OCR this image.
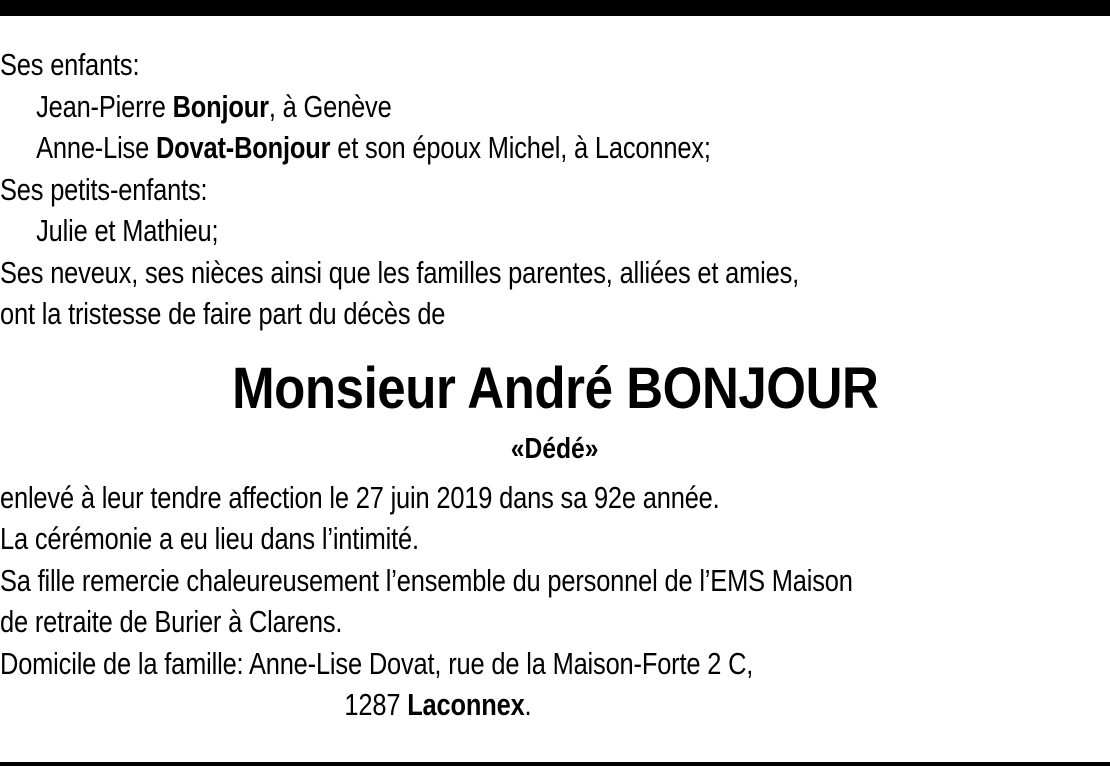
Ses enfants:
Jean-Pierre Bonjour, à Genève
Anne-Lise Dovat-Bonjour et son époux Michel, à Laconnex;
Ses petits-enfants:
Julie et Mathieu;
Ses neveux, ses nièces ainsi que les familles parentes, alliées et amies,
ont la tristesse de faire part du décès de
Monsieur André BONJOUR
«Dédé»
enlevé à leur tendre affection le 27 juin 2019 dans sa 92e année.
La cérémonie a eu lieu dans l’intimité.
Sa fille remercie chaleureusement l’ensemble du personnel de l’EMS Maison
de retraite de Burier à Clarens.
Domicile de la famille: Anne-Lise Dovat, rue de la Maison-Forte 2 C,
1287 Laconnex.
